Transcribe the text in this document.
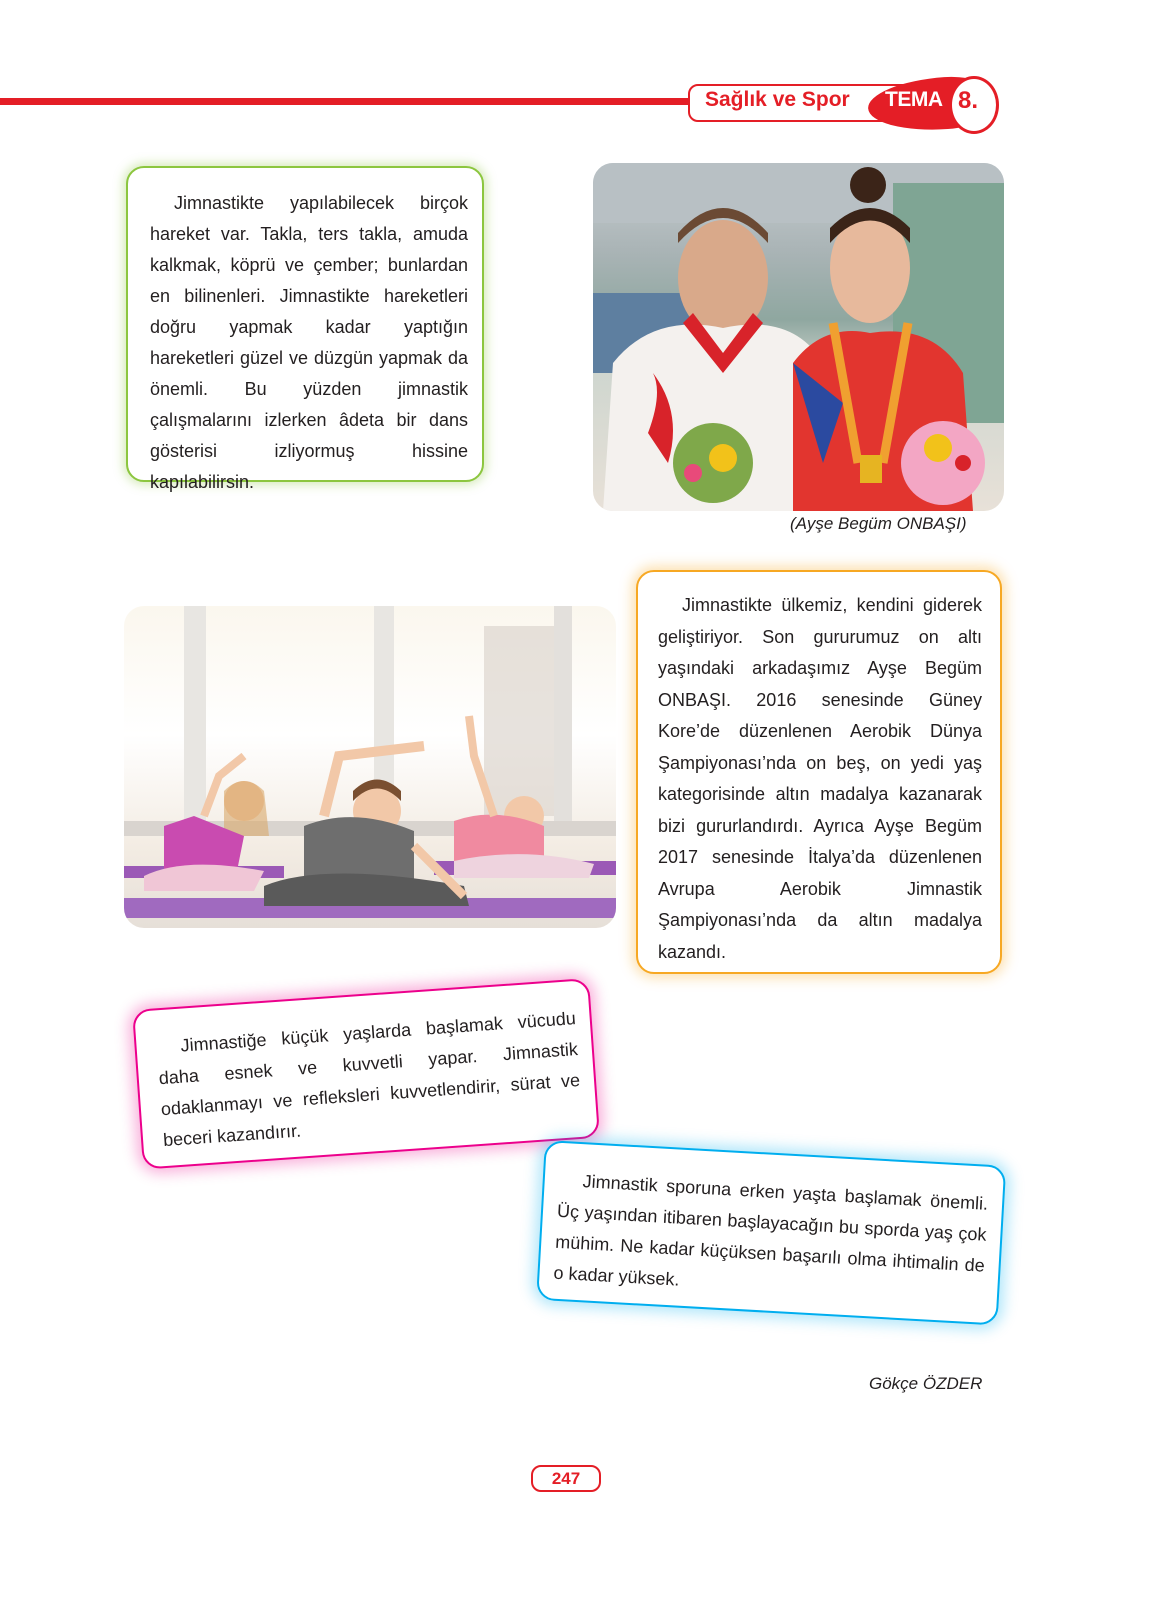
Sağlık ve Spor TEMA 8.

Jimnastikte yapılabilecek birçok hareket var. Takla, ters takla, amuda kalkmak, köprü ve çember; bunlardan en bilinenleri. Jimnastikte hareketleri doğru yapmak kadar yaptığın hareketleri güzel ve düzgün yapmak da önemli. Bu yüzden jimnastik çalışmalarını izlerken âdeta bir dans gösterisi izliyormuş hissine kapılabilirsin.

(Ayşe Begüm ONBAŞI)

Jimnastikte ülkemiz, kendini giderek geliştiriyor. Son gururumuz on altı yaşındaki arkadaşımız Ayşe Begüm ONBAŞI. 2016 senesinde Güney Kore’de düzenlenen Aerobik Dünya Şampiyonası’nda on beş, on yedi yaş kategorisinde altın madalya kazanarak bizi gururlandırdı. Ayrıca Ayşe Begüm 2017 senesinde İtalya’da düzenlenen Avrupa Aerobik Jimnastik Şampiyonası’nda da altın madalya kazandı.

Jimnastiğe küçük yaşlarda başlamak vücudu daha esnek ve kuvvetli yapar. Jimnastik odaklanmayı ve refleksleri kuvvetlendirir, sürat ve beceri kazandırır.

Jimnastik sporuna erken yaşta başlamak önemli. Üç yaşından itibaren başlayacağın bu sporda yaş çok mühim. Ne kadar küçüksen başarılı olma ihtimalin de o kadar yüksek.

Gökçe ÖZDER
247
